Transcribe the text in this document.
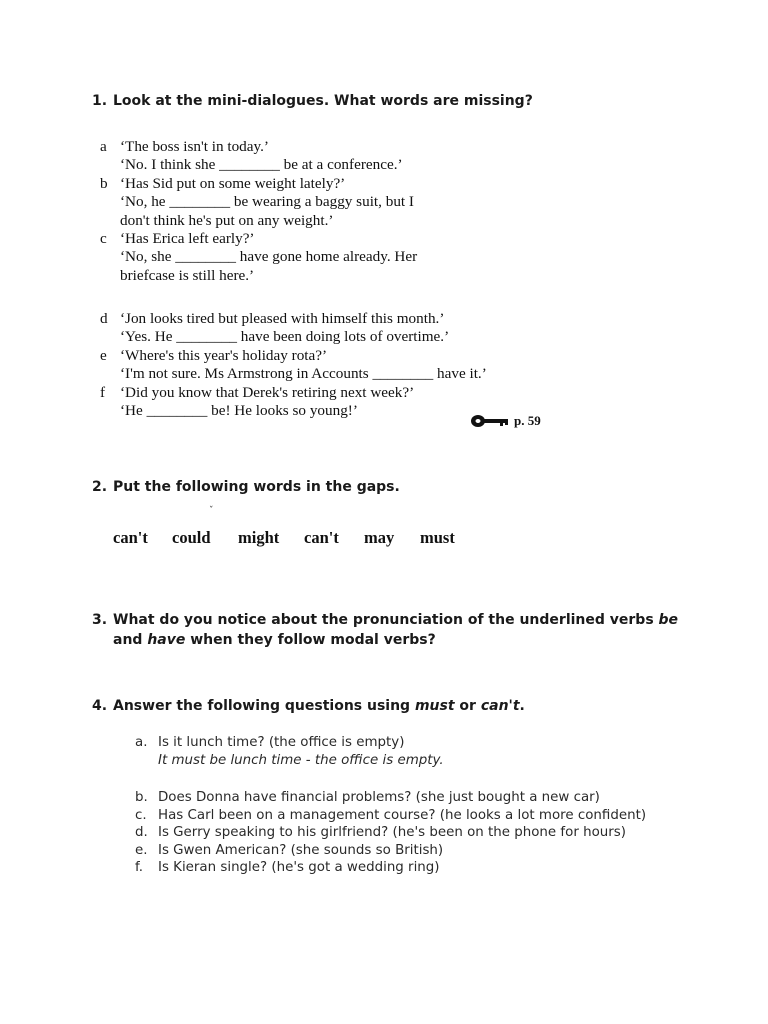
1. Look at the mini-dialogues. What words are missing?
a ‘The boss isn't in today.’
‘No. I think she ________ be at a conference.’
b ‘Has Sid put on some weight lately?’
‘No, he ________ be wearing a baggy suit, but I
don't think he's put on any weight.’
c ‘Has Erica left early?’
‘No, she ________ have gone home already. Her
briefcase is still here.’
d ‘Jon looks tired but pleased with himself this month.’
‘Yes. He ________ have been doing lots of overtime.’
e ‘Where's this year's holiday rota?’
‘I'm not sure. Ms Armstrong in Accounts ________ have it.’
f ‘Did you know that Derek's retiring next week?’
‘He ________ be! He looks so young!’
p. 59
2. Put the following words in the gaps.
ˇ
can't could might can't may must
3. What do you notice about the pronunciation of the underlined verbs be
and have when they follow modal verbs?
4. Answer the following questions using must or can't.
a. Is it lunch time? (the office is empty)
It must be lunch time - the office is empty.
b. Does Donna have financial problems? (she just bought a new car)
c. Has Carl been on a management course? (he looks a lot more confident)
d. Is Gerry speaking to his girlfriend? (he's been on the phone for hours)
e. Is Gwen American? (she sounds so British)
f. Is Kieran single? (he's got a wedding ring)
